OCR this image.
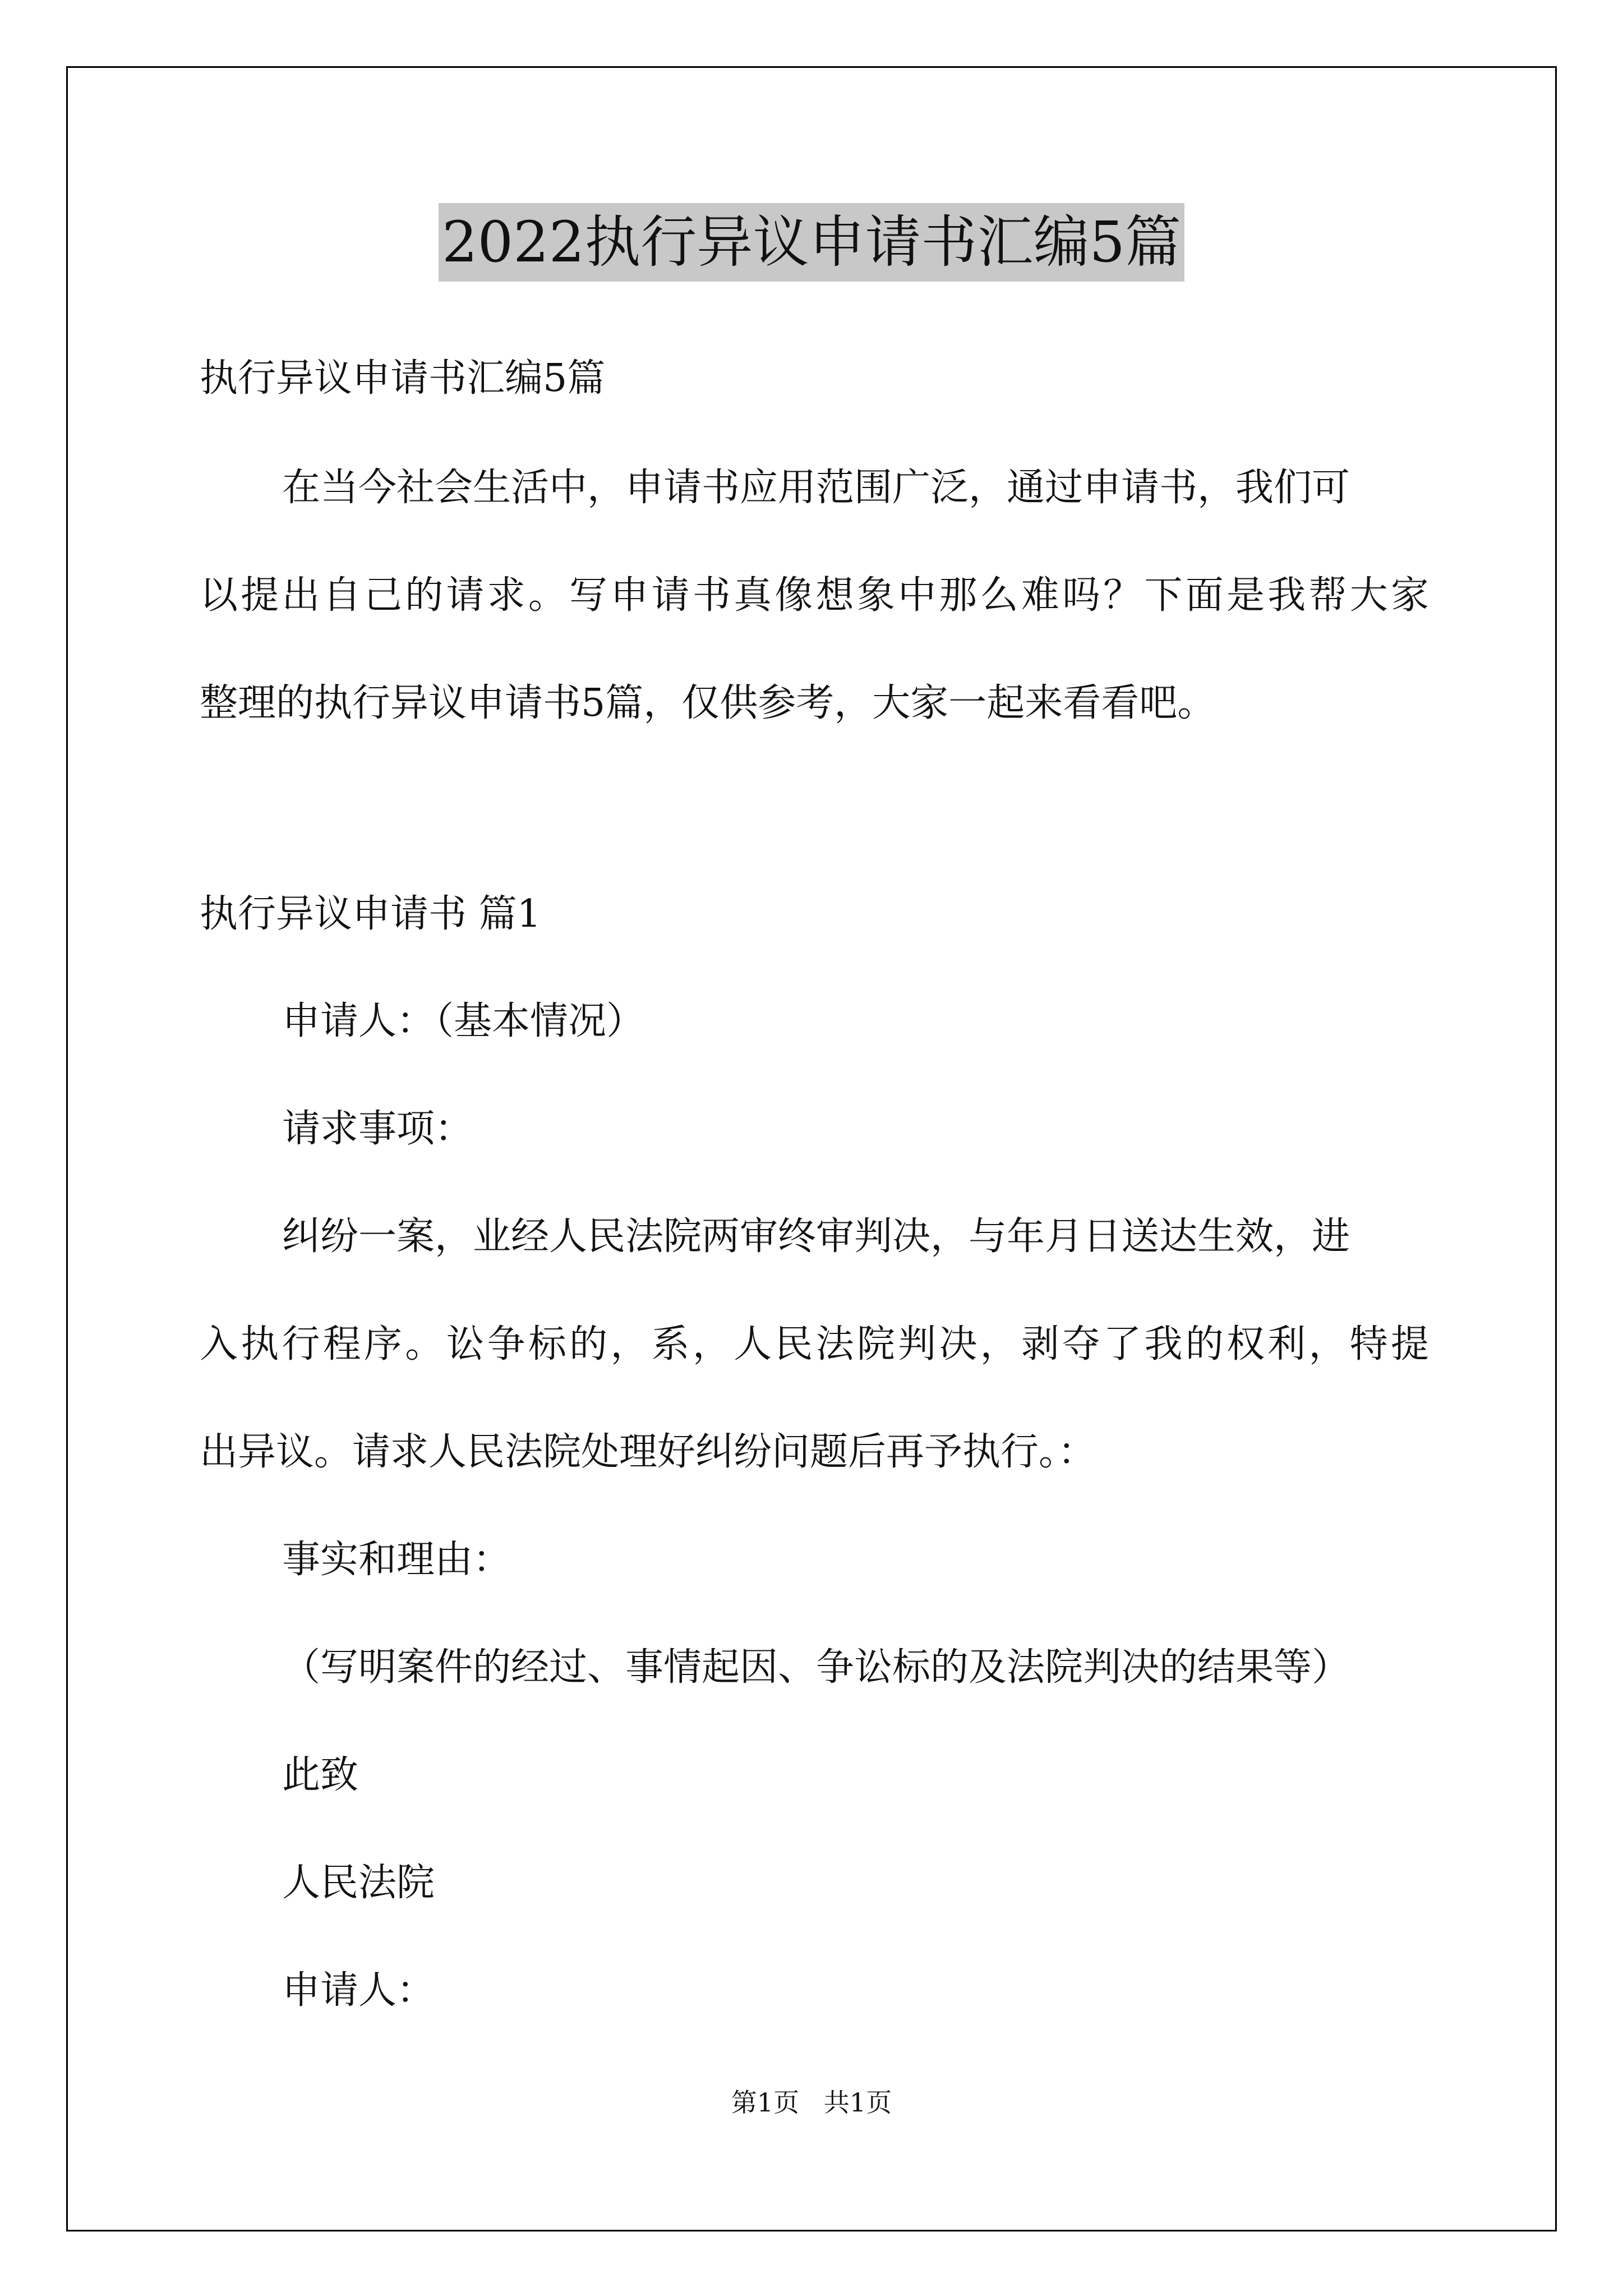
2022执行异议申请书汇编5篇
执行异议申请书汇编5篇
在当今社会生活中，申请书应用范围广泛，通过申请书，我们可
以提出自己的请求。写申请书真像想象中那么难吗？下面是我帮大家
整理的执行异议申请书5篇，仅供参考，大家一起来看看吧。
执行异议申请书 篇1
申请人：（基本情况）
请求事项：
纠纷一案，业经人民法院两审终审判决，与年月日送达生效，进
入执行程序。讼争标的，系，人民法院判决，剥夺了我的权利，特提
出异议。请求人民法院处理好纠纷问题后再予执行。：
事实和理由：
（写明案件的经过、事情起因、争讼标的及法院判决的结果等）
此致
人民法院
申请人：
第1页   共1页
